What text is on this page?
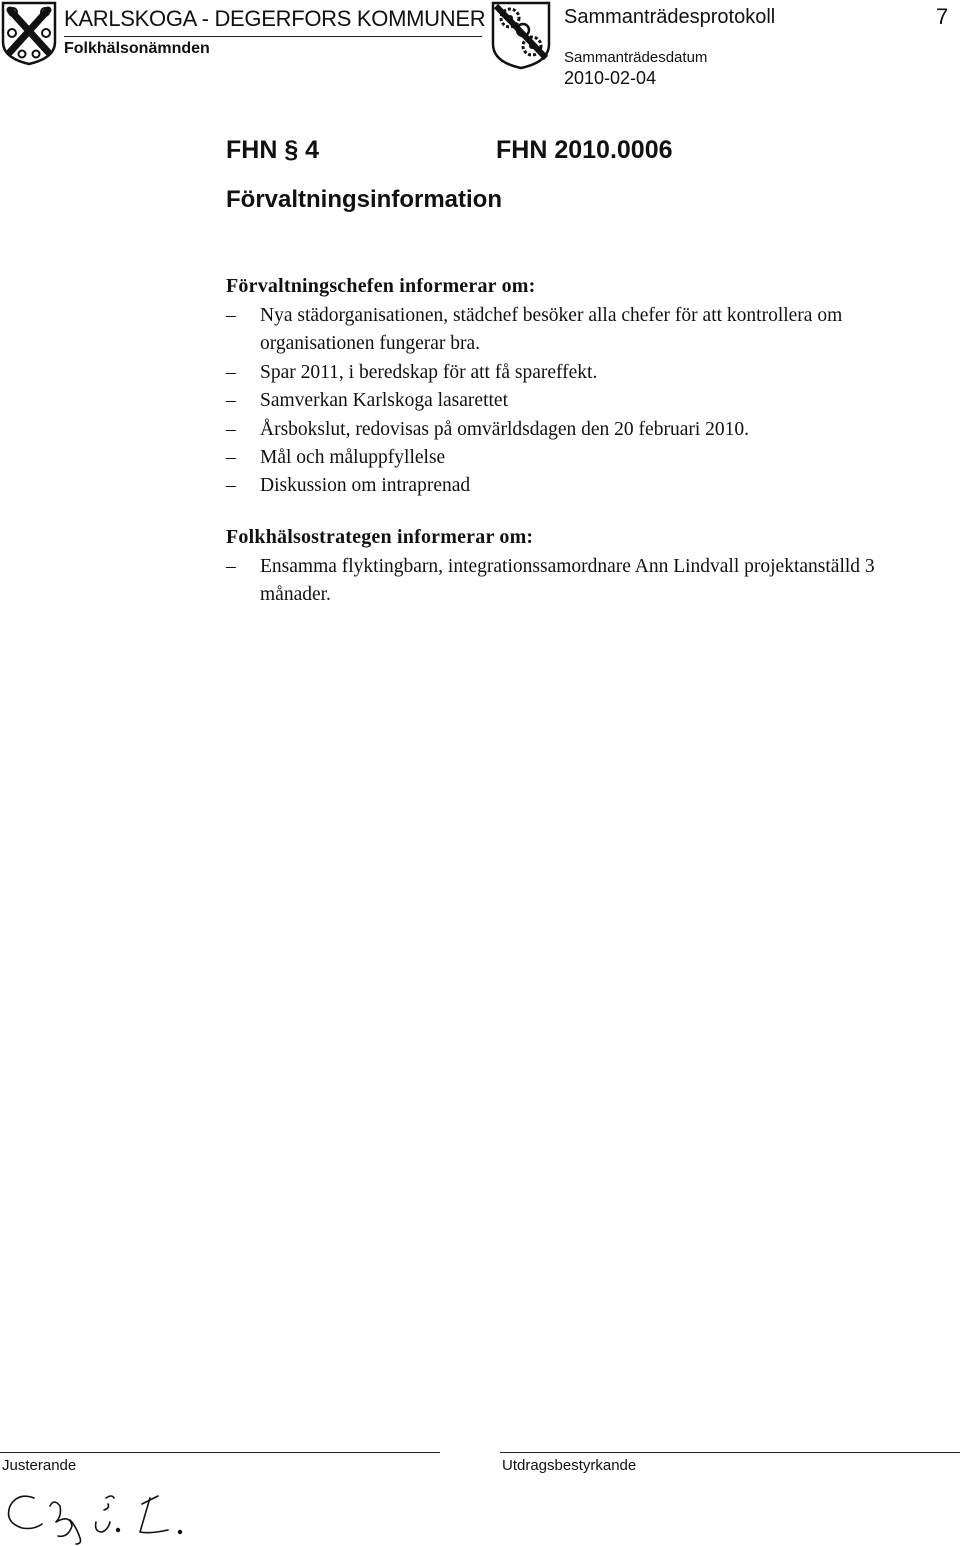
KARLSKOGA - DEGERFORS KOMMUNER
Folkhälsonämnden
Sammanträdesprotokoll	7
Sammanträdesdatum
2010-02-04
FHN § 4	FHN 2010.0006
Förvaltningsinformation
Förvaltningschefen informerar om:
– Nya städorganisationen, städchef besöker alla chefer för att kontrollera om organisationen fungerar bra.
– Spar 2011, i beredskap för att få spareffekt.
– Samverkan Karlskoga lasarettet
– Årsbokslut, redovisas på omvärldsdagen den 20 februari 2010.
– Mål och måluppfyllelse
– Diskussion om intraprenad
Folkhälsostrategen informerar om:
– Ensamma flyktingbarn, integrationssamordnare Ann Lindvall projektanställd 3 månader.
Justerande	Utdragsbestyrkande
